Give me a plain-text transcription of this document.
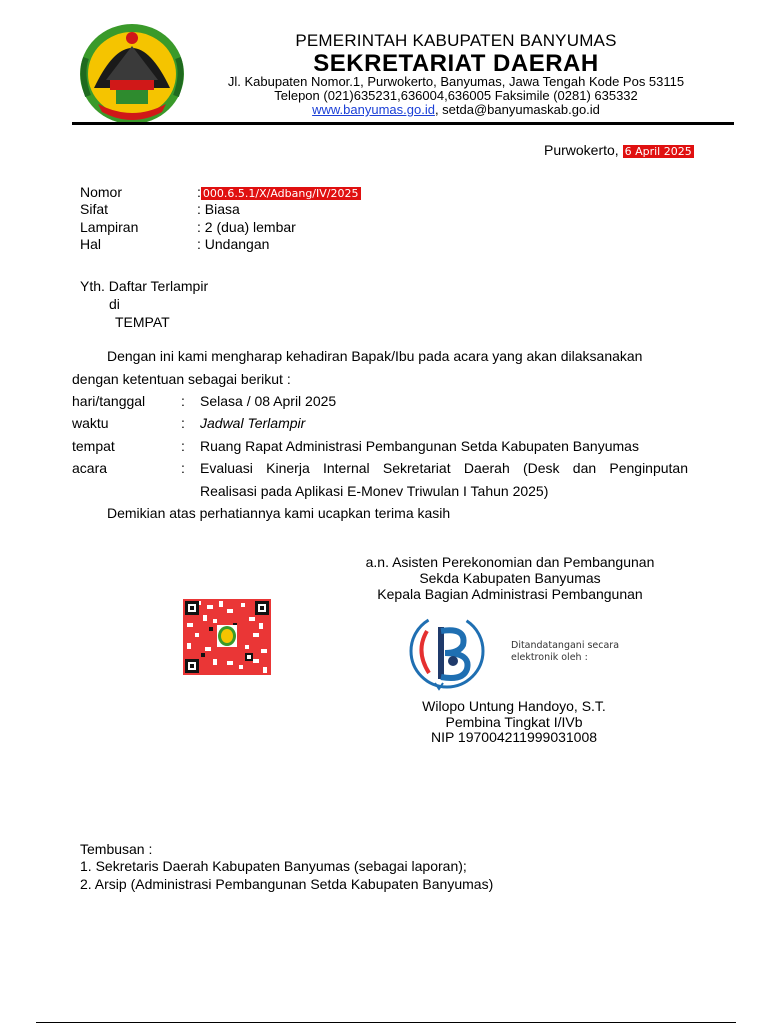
PEMERINTAH KABUPATEN BANYUMAS
SEKRETARIAT DAERAH
Jl. Kabupaten Nomor.1, Purwokerto, Banyumas, Jawa Tengah Kode Pos 53115
Telepon (021)635231,636004,636005 Faksimile (0281) 635332
www.banyumas.go.id, setda@banyumaskab.go.id
Purwokerto, 6 April 2025
Nomor	: 000.6.5.1/X/Adbang/IV/2025
Sifat	: Biasa
Lampiran	: 2 (dua) lembar
Hal	: Undangan
Yth. Daftar Terlampir
di
TEMPAT
Dengan ini kami mengharap kehadiran Bapak/Ibu pada acara yang akan dilaksanakan
dengan ketentuan sebagai berikut :
hari/tanggal	: Selasa / 08 April 2025
waktu	: Jadwal Terlampir
tempat	: Ruang Rapat Administrasi Pembangunan Setda Kabupaten Banyumas
acara	: Evaluasi Kinerja Internal Sekretariat Daerah (Desk dan Penginputan
Realisasi pada Aplikasi E-Monev Triwulan I Tahun 2025)
Demikian atas perhatiannya kami ucapkan terima kasih
a.n. Asisten Perekonomian dan Pembangunan
Sekda Kabupaten Banyumas
Kepala Bagian Administrasi Pembangunan
Ditandatangani secara
elektronik oleh :
Wilopo Untung Handoyo, S.T.
Pembina Tingkat I/IVb
NIP 197004211999031008
Tembusan :
1. Sekretaris Daerah Kabupaten Banyumas (sebagai laporan);
2. Arsip (Administrasi Pembangunan Setda Kabupaten Banyumas)
